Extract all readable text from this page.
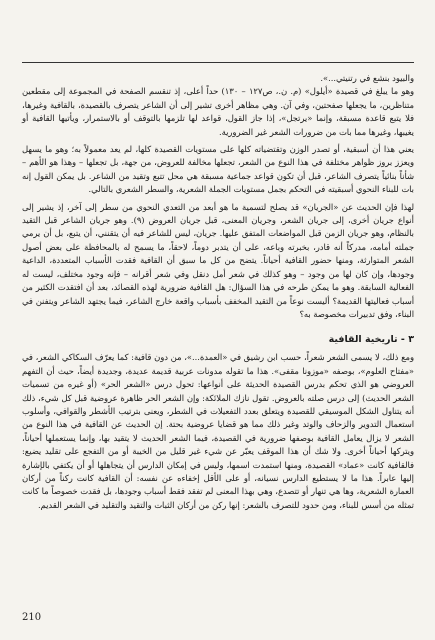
والبيود بنشع في رتنيتي...».

وهو ما يبلغ في قصيدة «أيلول» (م. ن.، ص١٢٧ – ١٣٠) حداً أعلى، إذ تنقسم الصفحة في المجموعة إلى مقطعين متناظرين، ما يجعلها صفحتين، وفي آن. وهي مظاهر أخرى تشير إلى أن الشاعر يتصرف بالقصيدة، بالقافية وغيرها، فلا يتبع قاعدة مسبقة، وإنما «يرتجل»، إذا جاز القول، قواعد لها تلزمها بالتوقف أو بالاستمرار، ويأتيها القافية أو يغيبها، وغيرها مما بات من ضرورات الشعر غير الضرورية.

يعني هذا أن أسبقية، أو تصدر الوزن وتقتضياته كلها على مستويات القصيدة كلها، لم يعد معمولاً به؛ وهو ما يسهل ويعزز بروز ظواهر مختلفة في هذا النوع من الشعر، تجعلها مخالفة للعروض، من جهة، بل تجعلها – وهذا هو الأهم – شأناً بنائياً يتصرف الشاعر، قبل أن تكون قواعد جماعية مسبقة هي محل تتبع وتقيد من الشاعر. بل يمكن القول إنه بات للبناء النحوي أسبقيته في التحكم بجمل مستويات الجملة الشعرية، والسطر الشعري بالتالي.

لهذا فإن الحديث عن «الجريان» قد يصلح لتسمية ما هو أبعد من التعدي النحوي من سطر إلى آخر، إذ يشير إلى أنواع جريان أخرى، إلى جريان الشعر، وجريان المعنى، قبل جريان العروض (٩). وهو جريان الشاعر قبل التقيد بالنظام، وهو جريان الزمن قبل المواضعات المتفق عليها. جريان، ليس للشاعر فيه أن يتقنني، أن يتبع، بل أن يرمي جملته أمامه، مدركاً أنه قادر، بخبرته وباعه، على أن يتدبر دوماً، لاحقاً، ما يسمح له بالمحافظة على بعض أصول الشعر المتوارثة، ومنها حضور القافية أحياناً. يتضح من كل ما سبق أن القافية فقدت الأسباب المتعددة، الداعية وجودها، وإن كان لها من وجود – وهو كذلك في شعر أمل دنقل وفي شعر أقرانه – فإنه وجود مختلف، ليست له الفعالية السابقة. وهو ما يمكن طرحه في هذا السؤال: هل القافية ضرورية لهذه القصائد، بعد أن افتقدت الكثير من أسباب فعاليتها القديمة؟ أليست نوعاً من التقيد المخفف بأسباب واقعة خارج الشاعر، فيما يجتهد الشاعر ويتفنن في البناء، وفق تدبيرات مخصوصة به؟

٣ - تاريخية القافية

ومع ذلك، لا يسمى الشعر شعراً، حسب ابن رشيق في «العمدة...»، من دون قافية: كما يعرّف السكاكي الشعر، في «مفتاح العلوم»، بوصفه «موزونا مقفى». هذا ما تقوله مدونات عربية قديمة عديدة، وجديدة أيضاً، حيث أن التفهم العروضي هو الذي تحكم بدرس القصيدة الحديثة على أنواعها: تحول درس «الشعر الحر» (أو غيره من تسميات الشعر الحديث) إلى درس صلته بالعروض. تقول نازك الملائكة: وإن الشعر الحر ظاهرة عروضية قبل كل شيء، ذلك أنه يتناول الشكل الموسيقي للقصيدة ويتعلق بعدد التفعيلات في الشطر، ويعنى بترتيب الأشطر والقوافي، وأسلوب استعمال التدوير والزحاف والوتد وغير ذلك مما هو قضايا عروضية بحتة. إن الحديث عن القافية في هذا النوع من الشعر لا يزال يعامل القافية بوصفها ضرورية في القصيدة، فيما الشعر الحديث لا يتقيد بها، وإنما يستعملها أحياناً، ويتركها أحياناً أخرى. ولا شك أن هذا الموقف يعبّر عن شيء غير قليل من الخيبة أو من التفجع على تقليد يضيع: فالقافية كانت «عماد» القصيدة، ومنها استمدت اسمها، وليس في إمكان الدارس أن يتجاهلها أو أن يكتفي بالإشارة إليها عابراً. هذا ما لا يستطيع الدارس نسيانه، أو على الأقل إخفاءه عن نفسه: أن القافية كانت ركناً من أركان العمارة الشعرية، وها هي تنهار أو تتصدع، وهي بهذا المعنى لم تفقد فقط أسباب وجودها، بل فقدت خصوصاً ما كانت تمثله من أسس للبناء، ومن حدود للتصرف بالشعر: إنها ركن من أركان الثبات والتقيد والتقليد في الشعر القديم.

210
